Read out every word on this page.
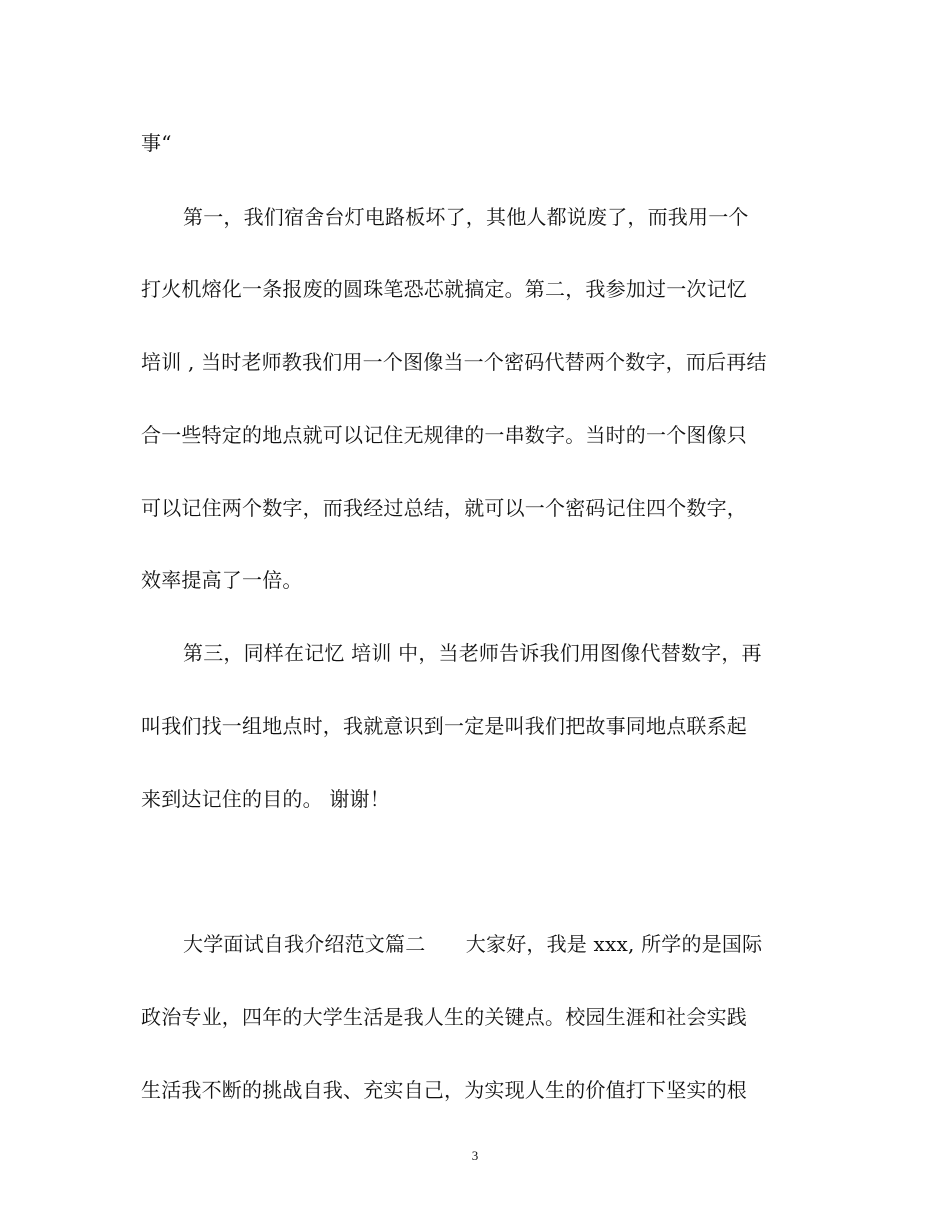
事“
第一，我们宿舍台灯电路板坏了，其他人都说废了，而我用一个
打火机熔化一条报废的圆珠笔恐芯就搞定。第二，我参加过一次记忆
培训 , 当时老师教我们用一个图像当一个密码代替两个数字，而后再结
合一些特定的地点就可以记住无规律的一串数字。当时的一个图像只
可以记住两个数字，而我经过总结，就可以一个密码记住四个数字，
效率提高了一倍。
第三，同样在记忆 培训 中，当老师告诉我们用图像代替数字，再
叫我们找一组地点时，我就意识到一定是叫我们把故事同地点联系起
来到达记住的目的。 谢谢！
大学面试自我介绍范文篇二　　大家好，我是 xxx, 所学的是国际
政治专业，四年的大学生活是我人生的关键点。校园生涯和社会实践
生活我不断的挑战自我、充实自己，为实现人生的价值打下坚实的根
3
